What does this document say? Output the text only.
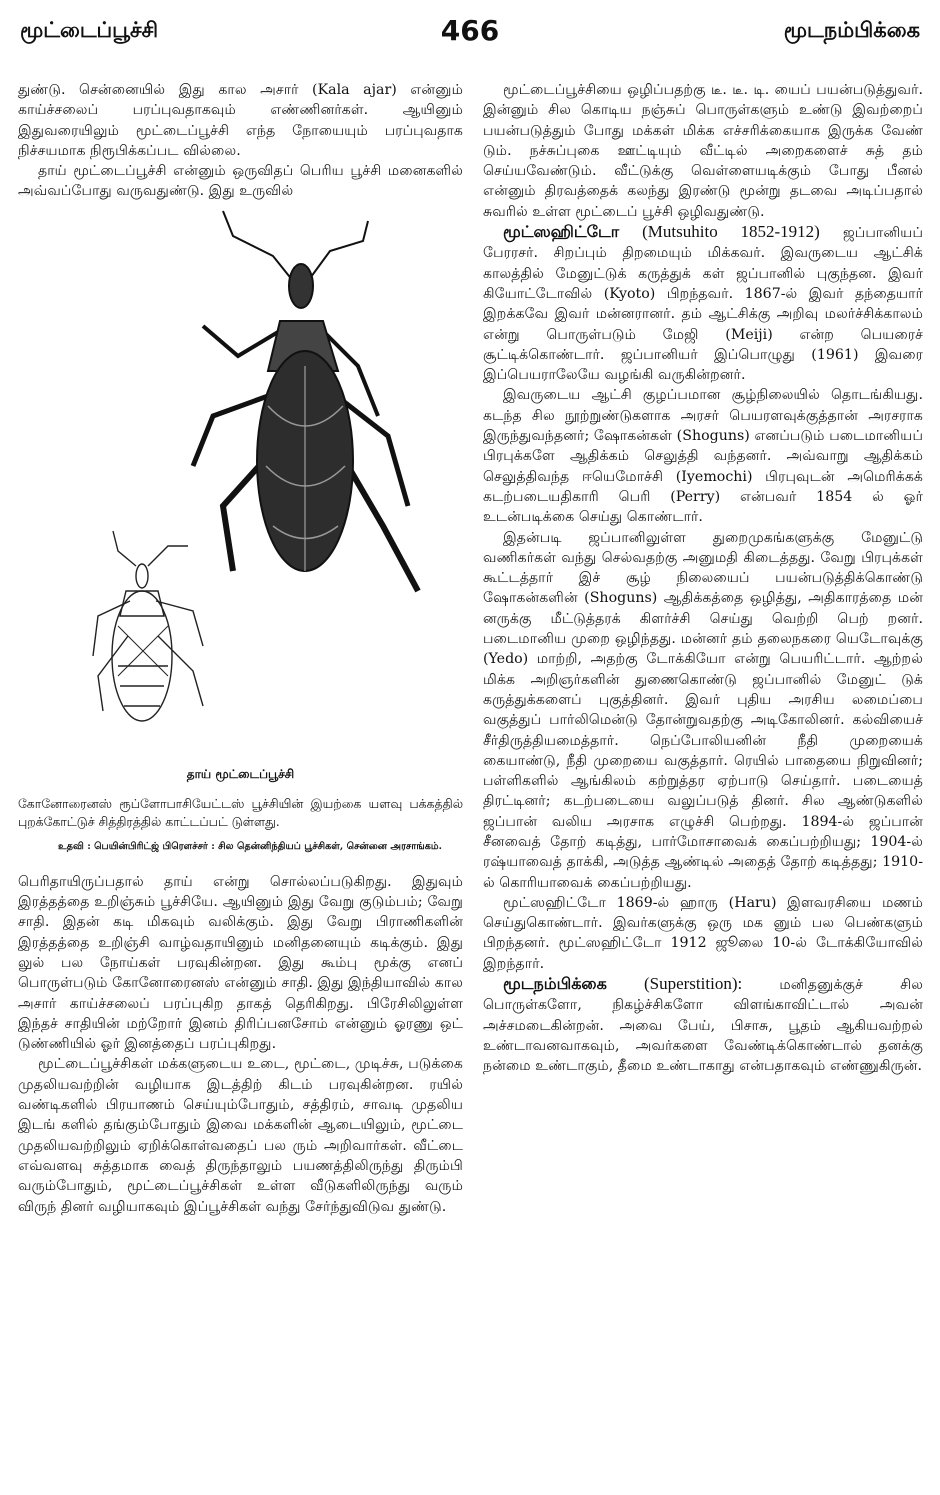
மூட்டைப்பூச்சி	466	மூடநம்பிக்கை

துண்டு. சென்னையில் இது கால அசார் (Kala ajar) என்னும் காய்ச்சலைப் பரப்புவதாகவும் எண்ணினர்கள். ஆயினும் இதுவரையிலும் மூட்டைப்பூச்சி எந்த நோயையும் பரப்புவதாக நிச்சயமாக நிரூபிக்கப்பட வில்லை.

தாய் மூட்டைப்பூச்சி என்னும் ஒருவிதப் பெரிய பூச்சி மனைகளில் அவ்வப்போது வருவதுண்டு. இது உருவில்

தாய் மூட்டைப்பூச்சி
கோனோரைனஸ் ரூப்ளோபாசியேட்டஸ் பூச்சியின் இயற்கை யளவு பக்கத்தில் புறக்கோட்டுச் சித்திரத்தில் காட்டப்பட் டுள்ளது.
உதவி : பெயின்பிரிட்ஜ் பிரௌச்சர் : சில தென்னிந்தியப் பூச்சிகள், சென்னை அரசாங்கம்.

பெரிதாயிருப்பதால் தாய் என்று சொல்லப்படுகிறது. இதுவும் இரத்தத்தை உறிஞ்சும் பூச்சியே. ஆயினும் இது வேறு குடும்பம்; வேறு சாதி. இதன் கடி மிகவும் வலிக்கும். இது வேறு பிராணிகளின் இரத்தத்தை உறிஞ்சி வாழ்வதாயினும் மனிதனையும் கடிக்கும். இது லுல் பல நோய்கள் பரவுகின்றன. இது கூம்பு மூக்கு எனப் பொருள்படும் கோனோரைனஸ் என்னும் சாதி. இது இந்தியாவில் கால அசார் காய்ச்சலைப் பரப்புகிற தாகத் தெரிகிறது. பிரேசிலிலுள்ள இந்தச் சாதியின் மற்றோர் இனம் திரிப்பனசோம் என்னும் ஓரணு ஒட் டுண்ணியில் ஓர் இனத்தைப் பரப்புகிறது.

மூட்டைப்பூச்சிகள் மக்களுடைய உடை, மூட்டை, முடிச்சு, படுக்கை முதலியவற்றின் வழியாக இடத்திற் கிடம் பரவுகின்றன. ரயில் வண்டிகளில் பிரயாணம் செய்யும்போதும், சத்திரம், சாவடி முதலிய இடங் களில் தங்கும்போதும் இவை மக்களின் ஆடையிலும், மூட்டை முதலியவற்றிலும் ஏறிக்கொள்வதைப் பல ரும் அறிவார்கள். வீட்டை எவ்வளவு சுத்தமாக வைத் திருந்தாலும் பயணத்திலிருந்து திரும்பி வரும்போதும், மூட்டைப்பூச்சிகள் உள்ள வீடுகளிலிருந்து வரும் விருந் தினர் வழியாகவும் இப்பூச்சிகள் வந்து சேர்ந்துவிடுவ துண்டு.

மூட்டைப்பூச்சியை ஒழிப்பதற்கு டீ. டீ. டி. யைப் பயன்படுத்துவர். இன்னும் சில கொடிய நஞ்சுப் பொருள்களும் உண்டு இவற்றைப் பயன்படுத்தும் போது மக்கள் மிக்க எச்சரிக்கையாக இருக்க வேண் டும். நச்சுப்புகை ஊட்டியும் வீட்டில் அறைகளைச் சுத் தம் செய்யவேண்டும். வீட்டுக்கு வெள்ளையடிக்கும் போது பீனல் என்னும் திரவத்தைக் கலந்து இரண்டு மூன்று தடவை அடிப்பதால் சுவரில் உள்ள மூட்டைப் பூச்சி ஒழிவதுண்டு.

மூட்ஸஹிட்டோ (Mutsuhito 1852-1912) ஜப்பானியப் பேரரசர். சிறப்பும் திறமையும் மிக்கவர். இவருடைய ஆட்சிக் காலத்தில் மேனுட்டுக் கருத்துக் கள் ஜப்பானில் புகுந்தன. இவர் கியோட்டோவில் (Kyoto) பிறந்தவர். 1867-ல் இவர் தந்தையார் இறக்கவே இவர் மன்னரானர். தம் ஆட்சிக்கு அறிவு மலர்ச்சிக்காலம் என்று பொருள்படும் மேஜி (Meiji) என்ற பெயரைச் சூட்டிக்கொண்டார். ஜப்பானியர் இப்பொழுது (1961) இவரை இப்பெயராலேயே வழங்கி வருகின்றனர்.

இவருடைய ஆட்சி குழப்பமான சூழ்நிலையில் தொடங்கியது. கடந்த சில நூற்றுண்டுகளாக அரசர் பெயரளவுக்குத்தான் அரசராக இருந்துவந்தனர்; ஷோகன்கள் (Shoguns) எனப்படும் படைமானியப் பிரபுக்களே ஆதிக்கம் செலுத்தி வந்தனர். அவ்வாறு ஆதிக்கம் செலுத்திவந்த ஈயெமோச்சி (Iyemochi) பிரபுவுடன் அமெரிக்கக் கடற்படையதிகாரி பெரி (Perry) என்பவர் 1854 ல் ஓர் உடன்படிக்கை செய்து கொண்டார்.

இதன்படி ஜப்பானிலுள்ள துறைமுகங்களுக்கு மேனுட்டு வணிகர்கள் வந்து செல்வதற்கு அனுமதி கிடைத்தது. வேறு பிரபுக்கள் கூட்டத்தார் இச் சூழ் நிலையைப் பயன்படுத்திக்கொண்டு ஷோகன்களின் (Shoguns) ஆதிக்கத்தை ஒழித்து, அதிகாரத்தை மன் னருக்கு மீட்டுத்தரக் கிளர்ச்சி செய்து வெற்றி பெற் றனர். படைமானிய முறை ஒழிந்தது. மன்னர் தம் தலைநகரை யெடோவுக்கு (Yedo) மாற்றி, அதற்கு டோக்கியோ என்று பெயரிட்டார். ஆற்றல் மிக்க அறிஞர்களின் துணைகொண்டு ஜப்பானில் மேனுட் டுக் கருத்துக்களைப் புகுத்தினர். இவர் புதிய அரசிய லமைப்பை வகுத்துப் பார்லிமென்டு தோன்றுவதற்கு அடிகோலினர். கல்வியைச் சீர்திருத்தியமைத்தார். நெப்போலியனின் நீதி முறையைக் கையாண்டு, நீதி முறையை வகுத்தார். ரெயில் பாதையை நிறுவினர்; பள்ளிகளில் ஆங்கிலம் கற்றுத்தர ஏற்பாடு செய்தார். படையைத் திரட்டினர்; கடற்படையை வலுப்படுத் தினர். சில ஆண்டுகளில் ஜப்பான் வலிய அரசாக எழுச்சி பெற்றது. 1894-ல் ஜப்பான் சீனவைத் தோற் கடித்து, பார்மோசாவைக் கைப்பற்றியது; 1904-ல் ரஷ்யாவைத் தாக்கி, அடுத்த ஆண்டில் அதைத் தோற் கடித்தது; 1910-ல் கொரியாவைக் கைப்பற்றியது.

மூட்ஸஹிட்டோ 1869-ல் ஹாரு (Haru) இளவரசியை மணம் செய்துகொண்டார். இவர்களுக்கு ஒரு மக னும் பல பெண்களும் பிறந்தனர். மூட்ஸஹிட்டோ 1912 ஜூலை 10-ல் டோக்கியோவில் இறந்தார்.

மூடநம்பிக்கை (Superstition):	மனிதனுக்குச் சில பொருள்களோ, நிகழ்ச்சிகளோ விளங்காவிட்டால் அவன் அச்சமடைகின்றன். அவை பேய், பிசாசு, பூதம் ஆகியவற்றல் உண்டாவனவாகவும், அவர்களை வேண்டிக்கொண்டால் தனக்கு நன்மை உண்டாகும், தீமை உண்டாகாது என்பதாகவும் எண்ணுகிருன்.
